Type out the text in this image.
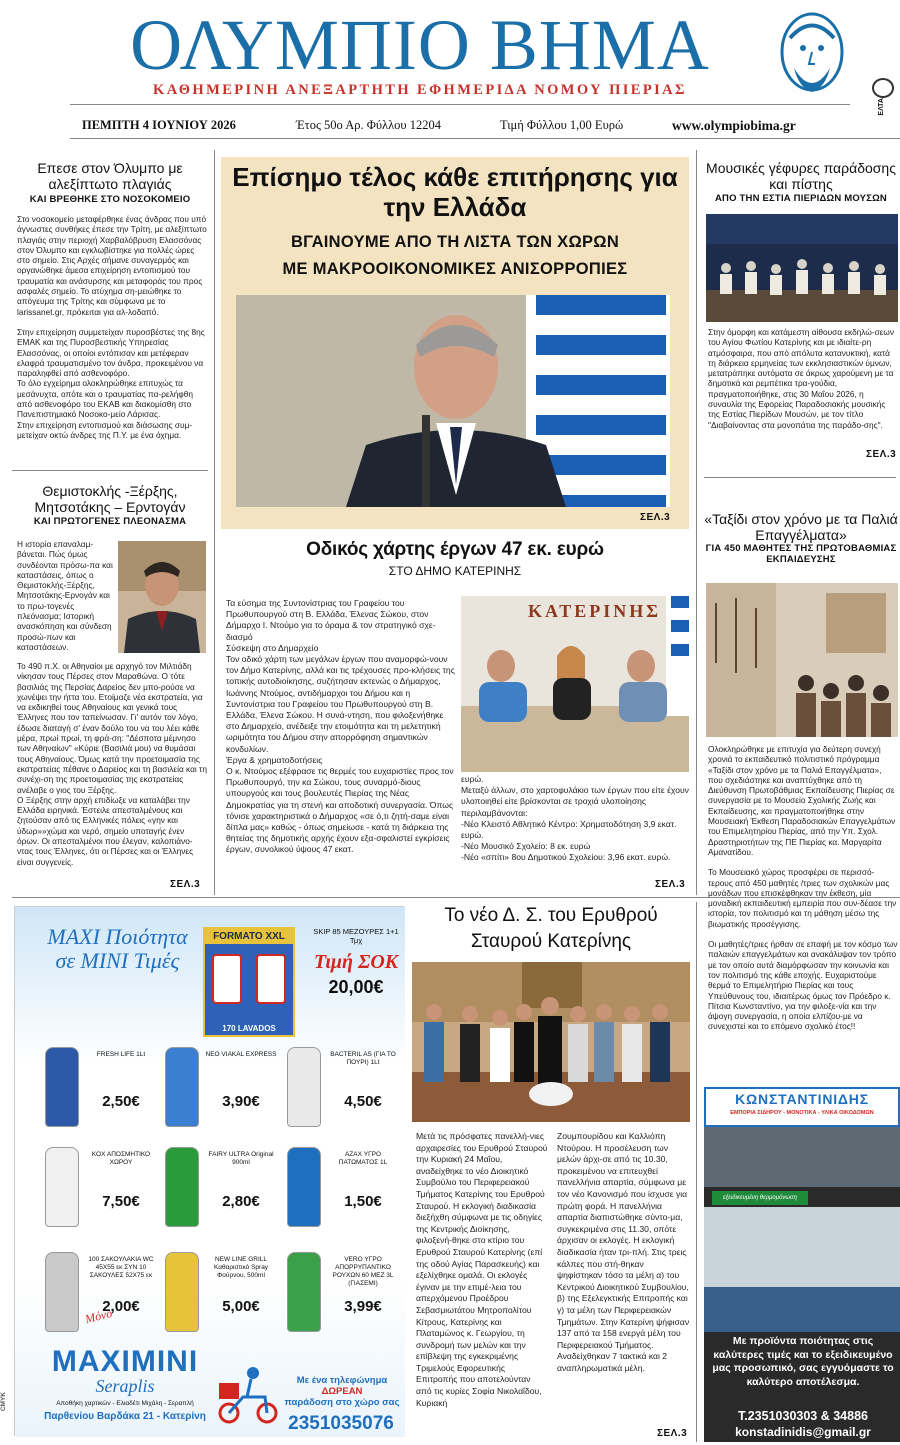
ΟΛΥΜΠΙΟ ΒΗΜΑ
ΚΑΘΗΜΕΡΙΝΗ ΑΝΕΞΑΡΤΗΤΗ ΕΦΗΜΕΡΙΔΑ ΝΟΜΟΥ ΠΙΕΡΙΑΣ
ΕΛΤΑ
ΠΕΜΠΤΗ 4 ΙΟΥΝΙΟΥ 2026	Έτος 50ο Αρ. Φύλλου 12204	Τιμή Φύλλου 1,00 Ευρώ	www.olympiobima.gr
Επεσε στον Όλυμπο με αλεξίπτωτο πλαγιάς
ΚΑΙ ΒΡΕΘΗΚΕ ΣΤΟ ΝΟΣΟΚΟΜΕΙΟ

Στο νοσοκομείο μεταφέρθηκε ένας άνδρας που υπό άγνωστες συνθήκες έπεσε την Τρίτη, με αλεξίπτωτο πλαγιάς στην περιοχή Χαρβαλόβρυση Ελασσόνας στον Όλυμπο και εγκλωβίστηκε για πολλές ώρες στο σημείο. Στις Αρχές σήμανε συναγερμός και οργανώθηκε άμεσα επιχείρηση εντοπισμού του τραυματία και ανάσυρσης και μεταφοράς του προς ασφαλές σημείο. Το ατύχημα ση-μειώθηκε το απόγευμα της Τρίτης και σύμφωνα με το larissanet.gr, πρόκειται για αλ-λοδαπό.

Στην επιχείρηση συμμετείχαν πυροσβέστες της 8ης ΕΜΑΚ και της Πυροσβεστικής Υπηρεσίας Ελασσόνας, οι οποίοι εντόπισαν και μετέφεραν ελαφρά τραυματισμένο τον άνδρα, προκειμένου να παραληφθεί από ασθενοφόρο.

Το όλο εγχείρημα ολοκληρώθηκε επιτυχώς τα μεσάνυχτα, οπότε και ο τραυματίας πα-ρελήφθη από ασθενοφόρο του ΕΚΑΒ και διακομίσθη στο Πανεπιστημιακό Νοσοκο-μείο Λάρισας.

Στην επιχείρηση εντοπισμού και διάσωσης συμ-μετείχαν οκτώ άνδρες της Π.Υ. με ένα όχημα.

Θεμιστοκλής -Ξέρξης, Μητσοτάκης – Ερντογάν
ΚΑΙ ΠΡΩΤΟΓΕΝΕΣ ΠΛΕΟΝΑΣΜΑ
Η ιστορία επαναλαμ-βάνεται. Πώς όμως συνδέονται πρόσω-πα και καταστάσεις, όπως ο Θεμιστοκλής-Ξέρξης, Μητσοτάκης-Ερνογάν και το πρω-τογενές πλεόνασμα; Ιστορική ανασκόπηση και σύνδεση προσώ-πων και καταστάσεων.

Το 490 π.Χ. οι Αθηναίοι με αρχηγό τον Μιλτιάδη νίκησαν τους Πέρσες στον Μαραθώνα. Ο τότε βασιλιάς της Περσίας Δαρείος δεν μπο-ρούσε να χωνέψει την ήττα του. Ετοίμαζε νέα εκστρατεία, για να εκδικηθεί τους Αθηναίους και γενικά τους Έλληνες που τον ταπείνωσαν. Γι' αυτόν τον λόγο, έδωσε διαταγή σ' έναν δούλο του να του λέει κάθε μέρα, πρωί πρωί, τη φρά-ση: "Δέσποτα μέμνησο των Αθηναίων" «Κύριε (Βασιλιά μου) να θυμάσαι τους Αθηναίους. Όμως κατά την προετοιμασία της εκστρατείας πέθανε ο Δαρείος και τη βασιλεία και τη συνέχι-ση της προετοιμασίας της εκστρατείας ανέλαβε ο γιος του Ξέρξης.

Ο Ξέρξης στην αρχή επιδίωξε να καταλάβει την Ελλάδα ειρηνικά. Έστειλε απεσταλμένους και ζητούσαν από τις Ελληνικές πόλεις «γην και ύδωρ»»χώμα και νερό, σημείο υποταγής ένεν όρων. Οι απεσταλμένοι που έλεγαν, καλοπιάνο-ντας τους Έλληνες, ότι οι Πέρσες και οι Έλληνες είναι συγγενείς.

ΣΕΛ.3
Επίσημο τέλος κάθε επιτήρησης για την Ελλάδα
ΒΓΑΙΝΟΥΜΕ ΑΠΟ ΤΗ ΛΙΣΤΑ ΤΩΝ ΧΩΡΩΝ
ΜΕ ΜΑΚΡΟΟΙΚΟΝΟΜΙΚΕΣ ΑΝΙΣΟΡΡΟΠΙΕΣ
ΣΕΛ.3
Οδικός χάρτης έργων 47 εκ. ευρώ
ΣΤΟ ΔΗΜΟ ΚΑΤΕΡΙΝΗΣ

Τα εύσημα της Συντονίστριας του Γραφείου του Πρωθυπουργού στη Β. Ελλάδα, Έλενας Σώκου, στον Δήμαρχο Ι. Ντούμο για το όραμα & τον στρατηγικό σχε-διασμό

Σύσκεψη στο Δημαρχείο

Τον οδικό χάρτη των μεγάλων έργων που αναμορφώ-νουν τον Δήμο Κατερίνης, αλλά και τις τρέχουσες προ-κλήσεις της τοπικής αυτοδιοίκησης, συζήτησαν εκτενώς ο Δήμαρχος, Ιωάννης Ντούμος, αντιδήμαρχοι του Δήμου και η Συντονίστρια του Γραφείου του Πρωθυπουργού στη Β. Ελλάδα, Έλενα Σώκου. Η συνά-ντηση, που φιλοξενήθηκε στο Δημαρχείο, ανέδειξε την ετοιμότητα και τη μελετητική ωριμότητα του Δήμου στην απορρόφηση σημαντικών κονδυλίων.

Έργα & χρηματοδοτήσεις

Ο κ. Ντούμος εξέφρασε τις θερμές του ευχαριστίες προς τον Πρωθυπουργό, την κα Σώκου, τους συναρμό-διους υπουργούς και τους βουλευτές Πιερίας της Νέας Δημοκρατίας για τη στενή και αποδοτική συνεργασία. Όπως τόνισε χαρακτηριστικά ο Δήμαρχος «σε ό,τι ζητή-σαμε είναι δίπλα μας» καθώς - όπως σημείωσε - κατά τη διάρκεια της θητείας της δημοτικής αρχής έχουν εξα-σφαλιστεί εγκρίσεις έργων, συνολικού ύψους 47 εκατ.

ΚΑΤΕΡΙΝΗΣ

ευρώ.

Μεταξύ άλλων, στο χαρτοφυλάκιο των έργων που είτε έχουν υλοποιηθεί είτε βρίσκονται σε τροχιά υλοποίησης περιλαμβάνονται:

-Νέο Κλειστό Αθλητικό Κέντρο: Χρηματοδότηση 3,9 εκατ. ευρώ.

-Νέο Μουσικό Σχολείο: 8 εκ. ευρώ

-Νέο «σπίτι» 8ου Δημοτικού Σχολείου: 3,96 εκατ. ευρώ.

ΣΕΛ.3
Μουσικές γέφυρες παράδοσης και πίστης
ΑΠΟ ΤΗΝ ΕΣΤΙΑ ΠΙΕΡΙΔΩΝ ΜΟΥΣΩΝ
Στην όμορφη και κατάμεστη αίθουσα εκδηλώ-σεων του Αγίου Φωτίου Κατερίνης και με ιδιαίτε-ρη ατμόσφαιρα, που από απόλυτα κατανυκτική, κατά τη διάρκεια ερμηνείας των εκκλησιαστικών ύμνων, μετατράπηκε αυτόματα σε άκρως χαρούμενη με τα δημοτικά και ρεμπέτικα τρα-γούδια, πραγματοποιήθηκε, στις 30 Μαΐου 2026, η συναυλία της Εφορείας Παραδοσιακής μουσικής της Εστίας Πιερίδων Μουσών, με τον τίτλο "Διαβαίνοντας στα μονοπάτια της παράδο-σης".
ΣΕΛ.3
«Ταξίδι στον χρόνο με τα Παλιά Επαγγέλματα»
ΓΙΑ 450 ΜΑΘΗΤΕΣ ΤΗΣ ΠΡΩΤΟΒΑΘΜΙΑΣ ΕΚΠΑΙΔΕΥΣΗΣ

Ολοκληρώθηκε με επιτυχία για δεύτερη συνεχή χρονιά το εκπαιδευτικό πολιτιστικό πρόγραμμα «Ταξίδι στον χρόνο με τα Παλιά Επαγγέλματα», που σχεδιάστηκε και αναπτύχθηκε από τη Διεύθυνση Πρωτοβάθμιας Εκπαίδευσης Πιερίας σε συνεργασία με το Μουσείο Σχολικής Ζωής και Εκπαίδευσης, και πραγματοποιήθηκε στην Μουσειακή Έκθεση Παραδοσιακών Επαγγελμάτων του Επιμελητηρίου Πιερίας, από την Υπ. Σχολ. Δραστηριοτήτων της ΠΕ Πιερίας κα. Μαργαρίτα Αμανατίδου.

Το Μουσειακό χώρος προσφέρει σε περισσό-τερους από 450 μαθητές /τριες των σχολικών μας μονάδων που επισκέφθηκαν την έκθεση, μία μοναδική εκπαιδευτική εμπειρία που συν-δέασε την ιστορία, τον πολιτισμό και τη μάθηση μέσω της βιωματικής προσέγγισης.

Οι μαθητές/τριες ήρθαν σε επαφή με τον κόσμο των παλαιών επαγγελμάτων και ανακάλυψαν τον τρόπο με τον οποίο αυτά διαμόρφωσαν την κοινωνία και τον πολιτισμό της κάθε εποχής. Ευχαριστούμε θερμά το Επιμελητήριο Πιερίας και τους Υπεύθυνους του, ιδιαιτέρως όμως τον Πρόεδρο κ. Πίτσια Κωνσταντίνο, για την φιλοξε-νία και την άψογη συνεργασία, η οποία ελπίζου-με να συνεχιστεί και το επόμενο σχολικό έτος!!

Το νέο Δ. Σ. του Ερυθρού Σταυρού Κατερίνης
Μετά τις πρόσφατες πανελλή-νιες αρχαιρεσίες του Ερυθρού Σταυρού την Κυριακή 24 Μαΐου, αναδείχθηκε το νέο Διοικητικό Συμβούλιο του Περιφερειακού Τμήματος Κατερίνης του Ερυθρού Σταυρού. Η εκλογική διαδικασία διεξήχθη σύμφωνα με τις οδηγίες της Κεντρικής Διοίκησης, φιλοξενή-θηκε στο κτίριο του Ερυθρού Σταυρού Κατερίνης (επί της οδού Αγίας Παρασκευής) και εξελίχθηκε ομαλά. Οι εκλογές έγιναν με την επιμέ-λεια του απερχόμενου Προέδρου Σεβασμιωτάτου Μητροπολίτου Κίτρους, Κατερίνης και Πλαταμώνος κ. Γεωργίου, τη συνδρομή των μελών και την επίβλεψη της εγκεκριμένης Τριμελούς Εφορευτικής Επιτροπής που αποτελούνταν από τις κυρίες Σοφία Νικολαΐδου, Κυριακή
Ζουμπουρίδου και Καλλιόπη Ντούρου. Η προσέλευση των μελών άρχι-σε από τις 10.30, προκειμένου να επιτευχθεί πανελλήνια απαρτία, σύμφωνα με τον νέο Κανονισμό που ίσχυσε για πρώτη φορά. Η πανελλήνια απαρτία διαπιστώθηκε σύντο-μα, συγκεκριμένα στις 11.30, οπότε άρχισαν οι εκλογές. Η εκλογική διαδικασία ήταν τρι-πλή. Στις τρεις κάλπες που στή-θηκαν ψηφίστηκαν τόσο τα μέλη α) του Κεντρικού Διοικητικού Συμβουλίου, β) της Εξελεγκτικής Επιτροπής και γ) τα μέλη των Περιφερειακών Τμημάτων. Στην Κατερίνη ψήφισαν 137 από τα 158 ενεργά μέλη του Περιφερειακού Τμήματος. Αναδείχθηκαν 7 τακτικά και 2 αναπληρωματικά μέλη.
ΣΕΛ.3
ΜΑΧΙ Ποιότητα σε MINI Τιμές
FORMATO XXL
170 LAVADOS
SKIP 85 ΜΕΖΟΥΡΕΣ 1+1 Τμχ
Τιμή ΣΟΚ
20,00€
FRESH LIFE 1Lt
2,50€
NEO VIAKAL EXPRESS
3,90€
BACTERIL AS (ΓΙΑ ΤΟ ΠΟΥΡΙ) 1Lt
4,50€
ΚΟΧ ΑΠΟΣΜΗΤΙΚΟ ΧΩΡΟΥ
7,50€
FAIRY ULTRA Original 900ml
2,80€
AZAX ΥΓΡΟ ΠΑΤΩΜΑΤΟΣ 1L
1,50€
100 ΣΑΚΟΥΛΑΚΙΑ WC 45X55 εκ ΣΥΝ 10 ΣΑΚΟΥΛΕΣ 52X75 εκ
2,00€
NEW LINE GRILL Καθαριστικό Spray Φούρνου, 500ml
5,00€
VERO ΥΓΡΟ ΑΠΟΡΡΥΠΑΝΤΙΚΟ ΡΟΥΧΩΝ 60 ΜΕΖ 3L (ΓΙΑΣΕΜΙ)
3,99€
Μόνο
MAXIMINI
Seraplis
Αποθήκη χαρτικών - Ελιαδέτι Μιχάλη - Σεραπλή
Παρθενίου Βαρδάκα 21 - Κατερίνη
Με ένα τηλεφώνημα
ΔΩΡΕΑΝ
παράδοση στο χώρο σας
2351035076
CMYK
ΚΩΝΣΤΑΝΤΙΝΙΔΗΣ
ΕΜΠΟΡΙΑ ΣΙΔΗΡΟΥ - ΜΟΝΟΤΙΚΑ - ΥΛΙΚΑ ΟΙΚΟΔΟΜΩΝ
εξειδικευμένη θερμομόνωση
Με προϊόντα ποιότητας στις καλύτερες τιμές και το εξειδικευμένο μας προσωπικό, σας εγγυόμαστε το καλύτερο αποτέλεσμα.
Τ.2351030303 & 34886
konstadinidis@gmail.gr
